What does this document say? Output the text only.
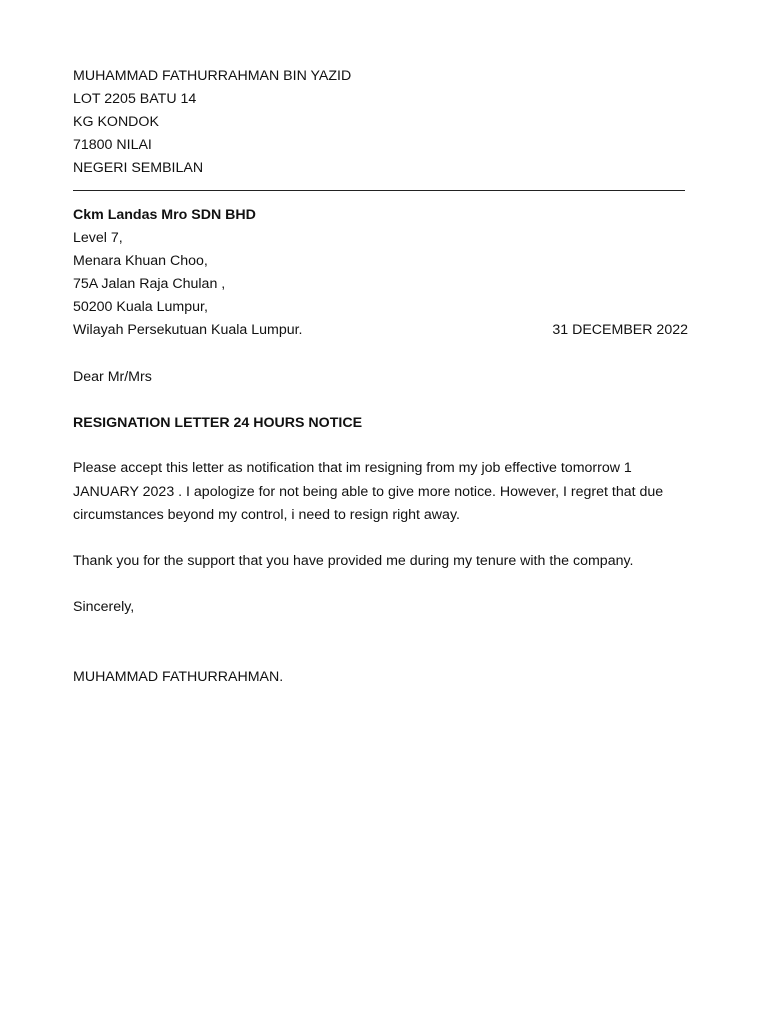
MUHAMMAD FATHURRAHMAN BIN YAZID
LOT 2205 BATU 14
KG KONDOK
71800 NILAI
NEGERI SEMBILAN
Ckm Landas Mro SDN BHD
Level 7,
Menara Khuan Choo,
75A Jalan Raja Chulan ,
50200 Kuala Lumpur,
Wilayah Persekutuan Kuala Lumpur.	31 DECEMBER 2022
Dear Mr/Mrs
RESIGNATION LETTER 24 HOURS NOTICE
Please accept this letter as notification that im resigning from my job effective tomorrow 1
JANUARY 2023 . I apologize for not being able to give more notice. However, I regret that due
circumstances beyond my control, i need to resign right away.
Thank you for the support that you have provided me during my tenure with the company.
Sincerely,
MUHAMMAD FATHURRAHMAN.
